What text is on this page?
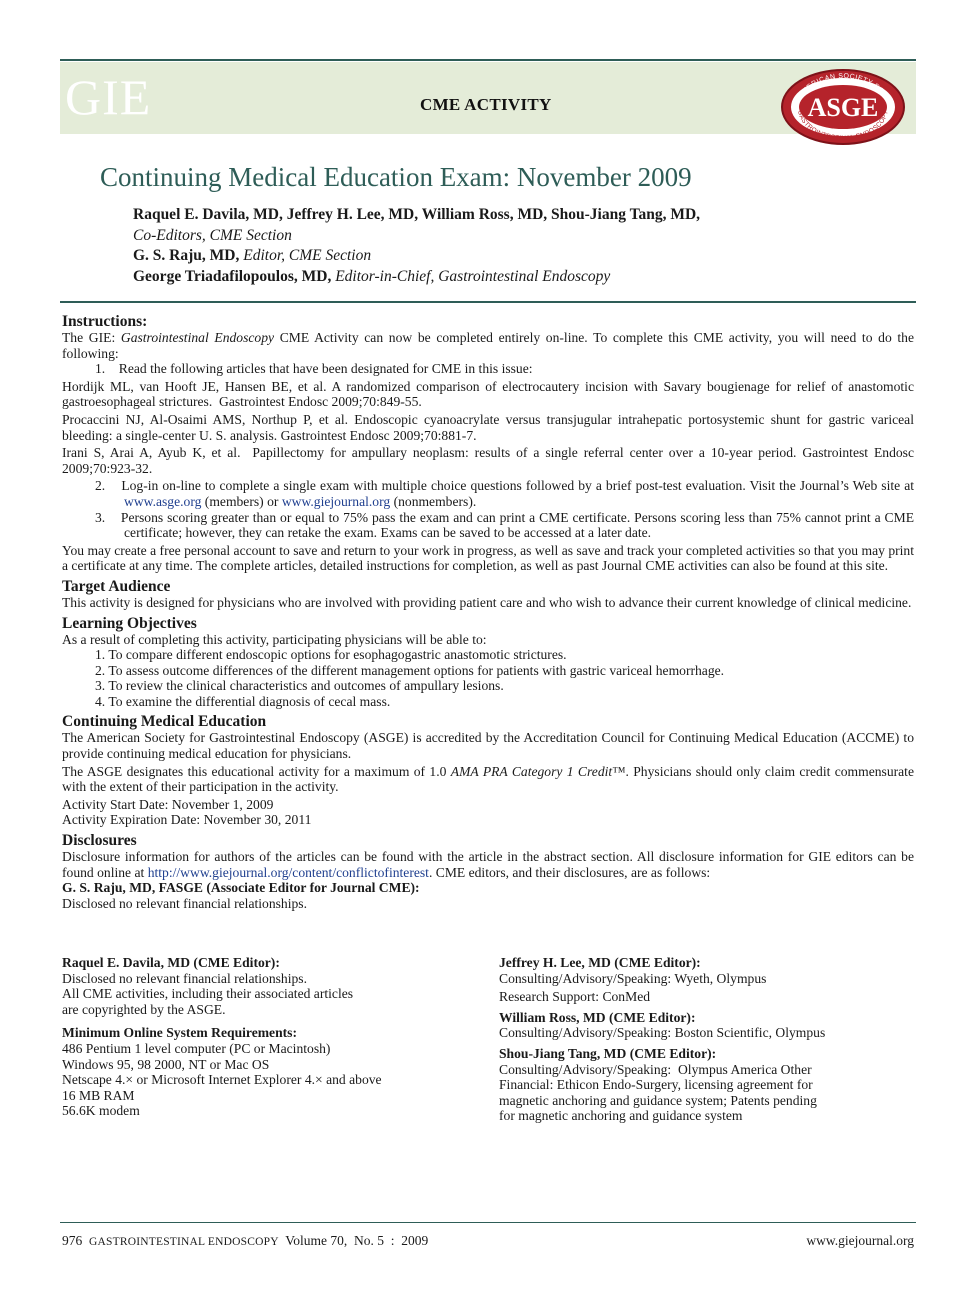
GIE	CME ACTIVITY	AMERICAN SOCIETY FOR
ASGE
GASTROINTESTINAL ENDOSCOPY
Continuing Medical Education Exam: November 2009
Raquel E. Davila, MD, Jeffrey H. Lee, MD, William Ross, MD, Shou-Jiang Tang, MD,
Co-Editors, CME Section
G. S. Raju, MD, Editor, CME Section
George Triadafilopoulos, MD, Editor-in-Chief, Gastrointestinal Endoscopy
Instructions:

The GIE: Gastrointestinal Endoscopy CME Activity can now be completed entirely on-line. To complete this CME activity, you will need to do the following:

1.    Read the following articles that have been designated for CME in this issue:

Hordijk ML, van Hooft JE, Hansen BE, et al. A randomized comparison of electrocautery incision with Savary bougienage for relief of anastomotic gastroesophageal strictures.  Gastrointest Endosc 2009;70:849-55.

Procaccini NJ, Al-Osaimi AMS, Northup P, et al. Endoscopic cyanoacrylate versus transjugular intrahepatic portosystemic shunt for gastric variceal bleeding: a single-center U. S. analysis. Gastrointest Endosc 2009;70:881-7.

Irani S, Arai A, Ayub K, et al.  Papillectomy for ampullary neoplasm: results of a single referral center over a 10-year period. Gastrointest Endosc 2009;70:923-32.

2.    Log-in on-line to complete a single exam with multiple choice questions followed by a brief post-test evaluation. Visit the Journal’s Web site at www.asge.org (members) or www.giejournal.org (nonmembers).

3.    Persons scoring greater than or equal to 75% pass the exam and can print a CME certificate. Persons scoring less than 75% cannot print a CME certificate; however, they can retake the exam. Exams can be saved to be accessed at a later date.

You may create a free personal account to save and return to your work in progress, as well as save and track your completed activities so that you may print a certificate at any time. The complete articles, detailed instructions for completion, as well as past Journal CME activities can also be found at this site.

Target Audience

This activity is designed for physicians who are involved with providing patient care and who wish to advance their current knowledge of clinical medicine.

Learning Objectives

As a result of completing this activity, participating physicians will be able to:

1. To compare different endoscopic options for esophagogastric anastomotic strictures.

2. To assess outcome differences of the different management options for patients with gastric variceal hemorrhage.

3. To review the clinical characteristics and outcomes of ampullary lesions.

4. To examine the differential diagnosis of cecal mass.

Continuing Medical Education

The American Society for Gastrointestinal Endoscopy (ASGE) is accredited by the Accreditation Council for Continuing Medical Education (ACCME) to provide continuing medical education for physicians.

The ASGE designates this educational activity for a maximum of 1.0 AMA PRA Category 1 Credit™. Physicians should only claim credit commensurate with the extent of their participation in the activity.

Activity Start Date: November 1, 2009

Activity Expiration Date: November 30, 2011

Disclosures

Disclosure information for authors of the articles can be found with the article in the abstract section. All disclosure information for GIE editors can be found online at http://www.giejournal.org/content/conflictofinterest. CME editors, and their disclosures, are as follows:

G. S. Raju, MD, FASGE (Associate Editor for Journal CME):

Disclosed no relevant financial relationships.

Raquel E. Davila, MD (CME Editor):

Disclosed no relevant financial relationships.

All CME activities, including their associated articles

are copyrighted by the ASGE.

Minimum Online System Requirements:

486 Pentium 1 level computer (PC or Macintosh)

Windows 95, 98 2000, NT or Mac OS

Netscape 4.× or Microsoft Internet Explorer 4.× and above

16 MB RAM

56.6K modem

Jeffrey H. Lee, MD (CME Editor):

Consulting/Advisory/Speaking: Wyeth, Olympus

Research Support: ConMed

William Ross, MD (CME Editor):

Consulting/Advisory/Speaking: Boston Scientific, Olympus

Shou-Jiang Tang, MD (CME Editor):

Consulting/Advisory/Speaking:  Olympus America Other

Financial: Ethicon Endo-Surgery, licensing agreement for

magnetic anchoring and guidance system; Patents pending

for magnetic anchoring and guidance system

976 GASTROINTESTINAL ENDOSCOPY Volume 70,  No. 5  :  2009	www.giejournal.org
